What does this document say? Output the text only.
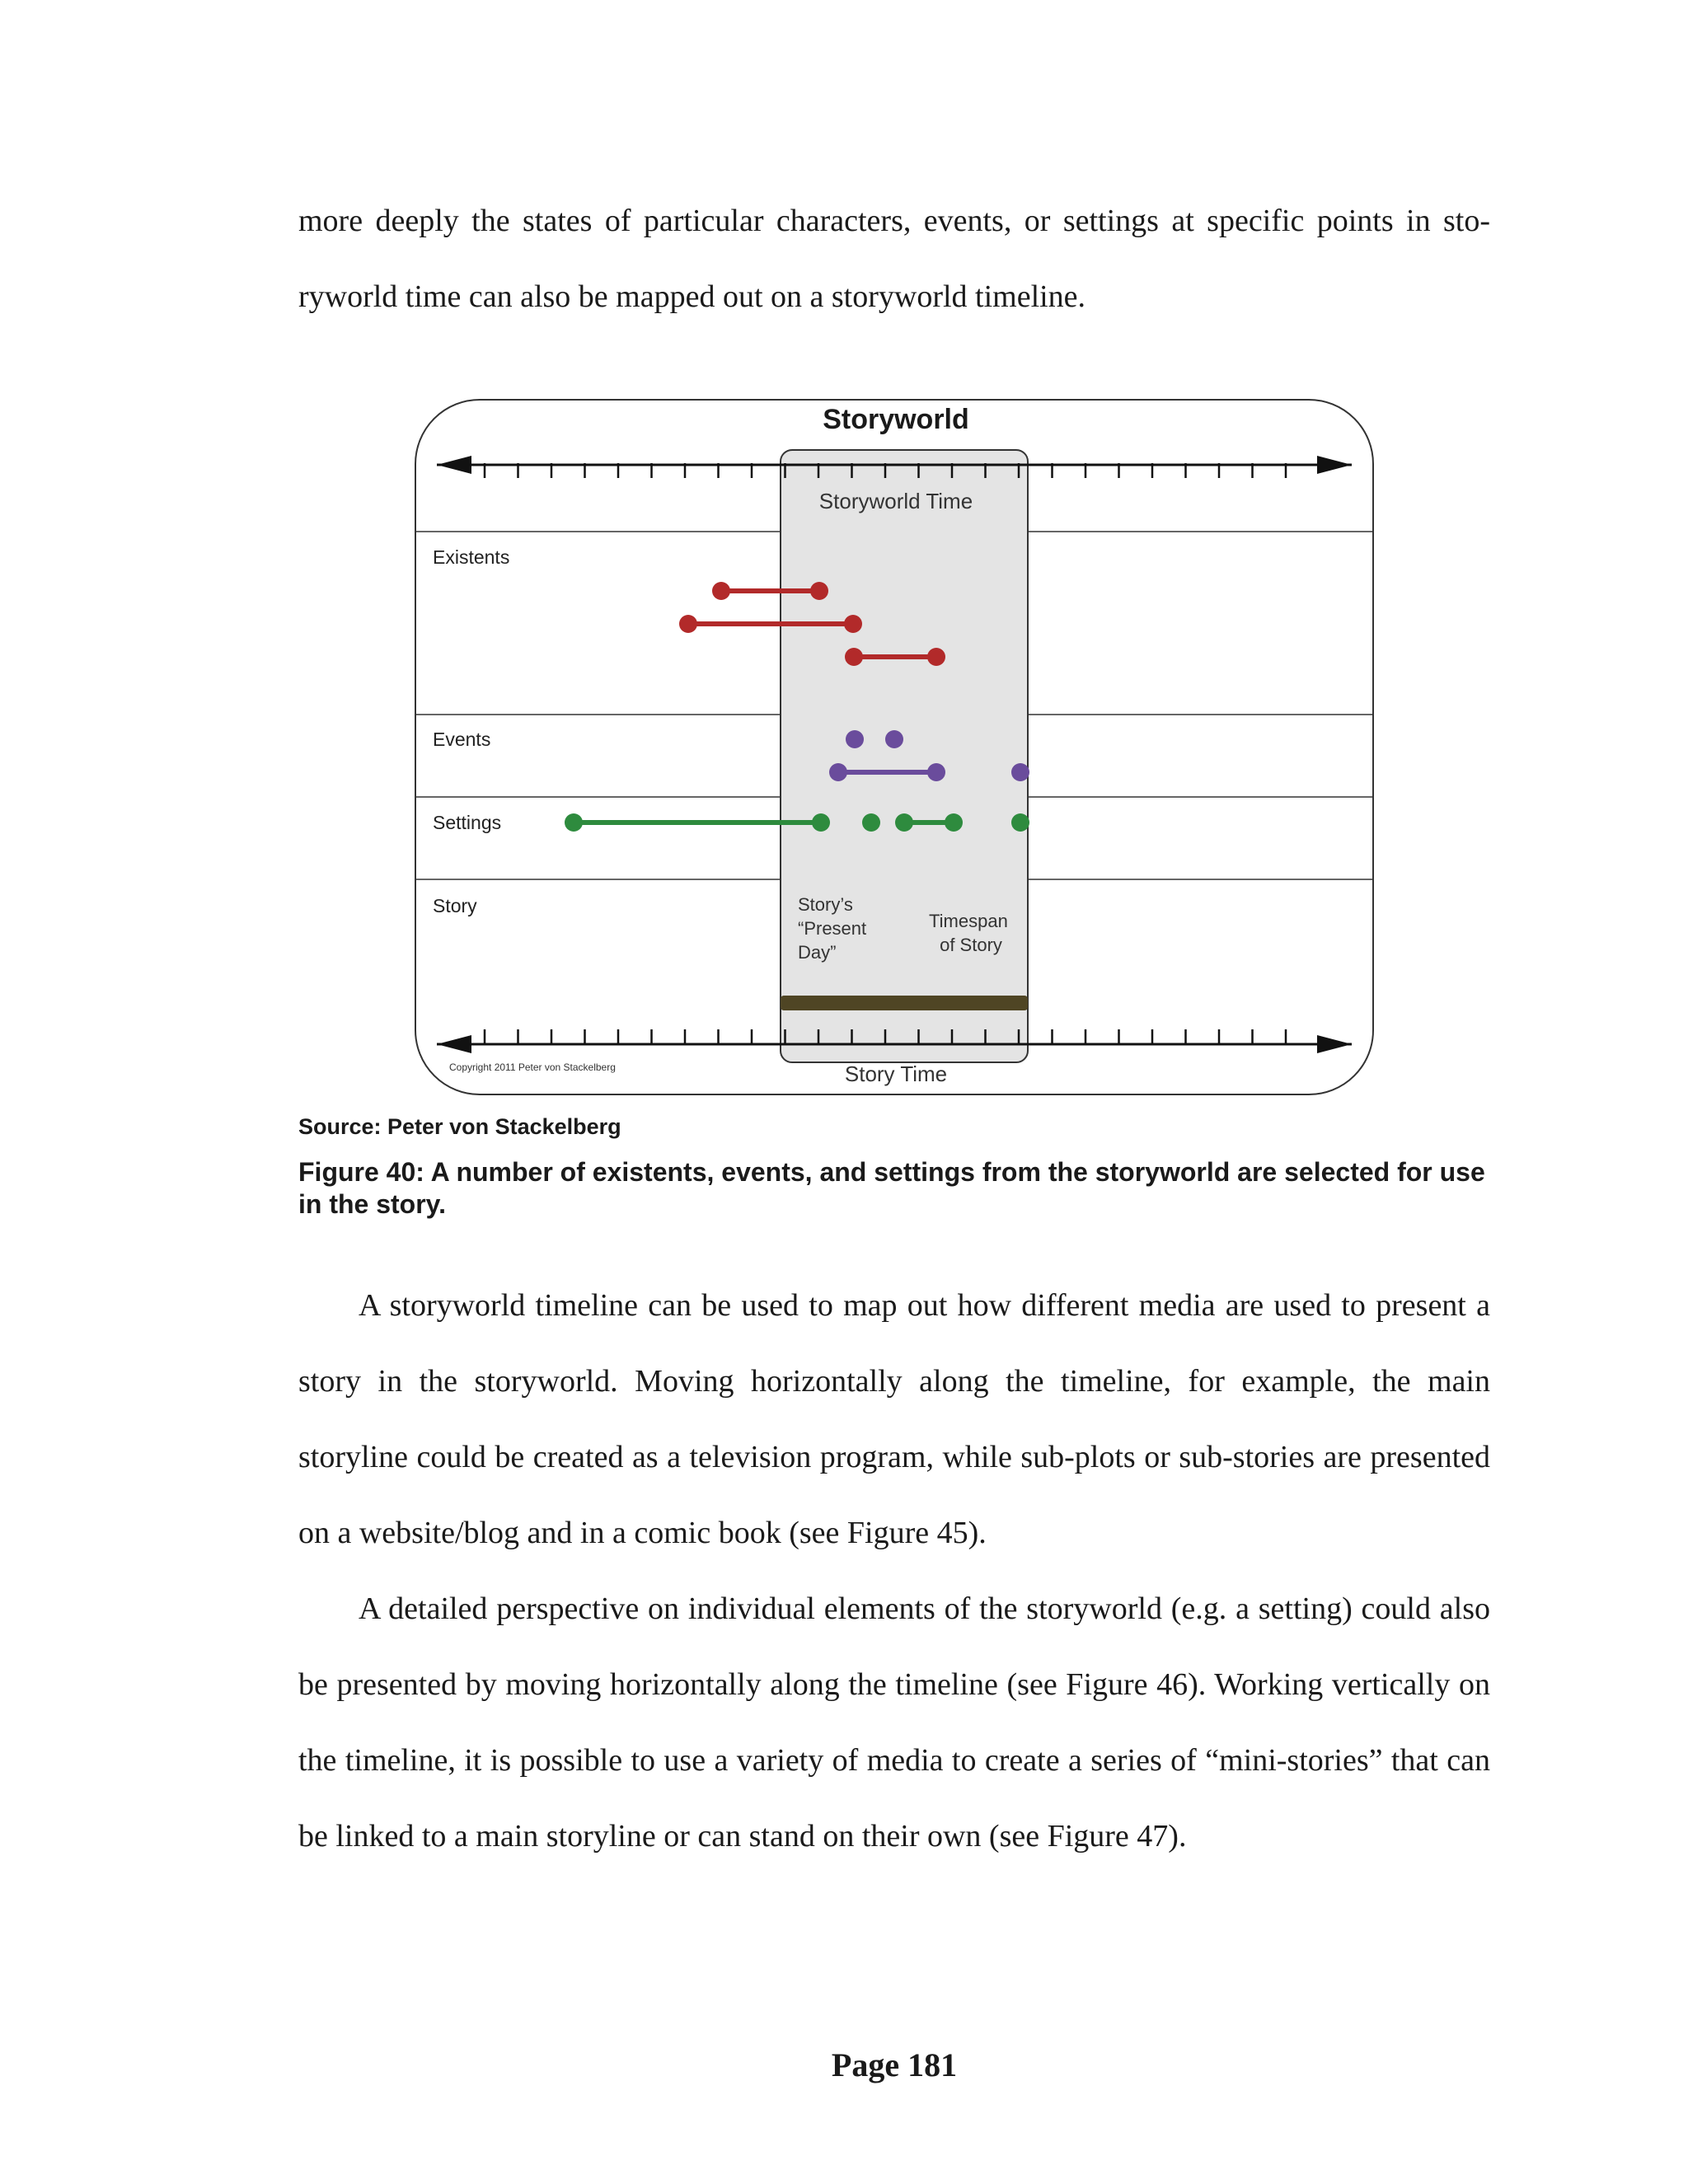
more deeply the states of particular characters, events, or settings at specific points in sto-

ryworld time can also be mapped out on a storyworld timeline.

Storyworld
Storyworld Time
Existents
Events
Settings
Story	Story’s “Present Day”
Timespan of Story
Story Time
Copyright 2011 Peter von Stackelberg

Source: Peter von Stackelberg

Figure 40: A number of existents, events, and settings from the storyworld are selected for use in the story.

A storyworld timeline can be used to map out how different media are used to present a story in the storyworld. Moving horizontally along the timeline, for example, the main storyline could be created as a television program, while sub-plots or sub-stories are presented on a website/blog and in a comic book (see Figure 45).

A detailed perspective on individual elements of the storyworld (e.g. a setting) could also be presented by moving horizontally along the timeline (see Figure 46). Working vertically on the timeline, it is possible to use a variety of media to create a series of “mini-stories” that can be linked to a main storyline or can stand on their own (see Figure 47).

Page 181
